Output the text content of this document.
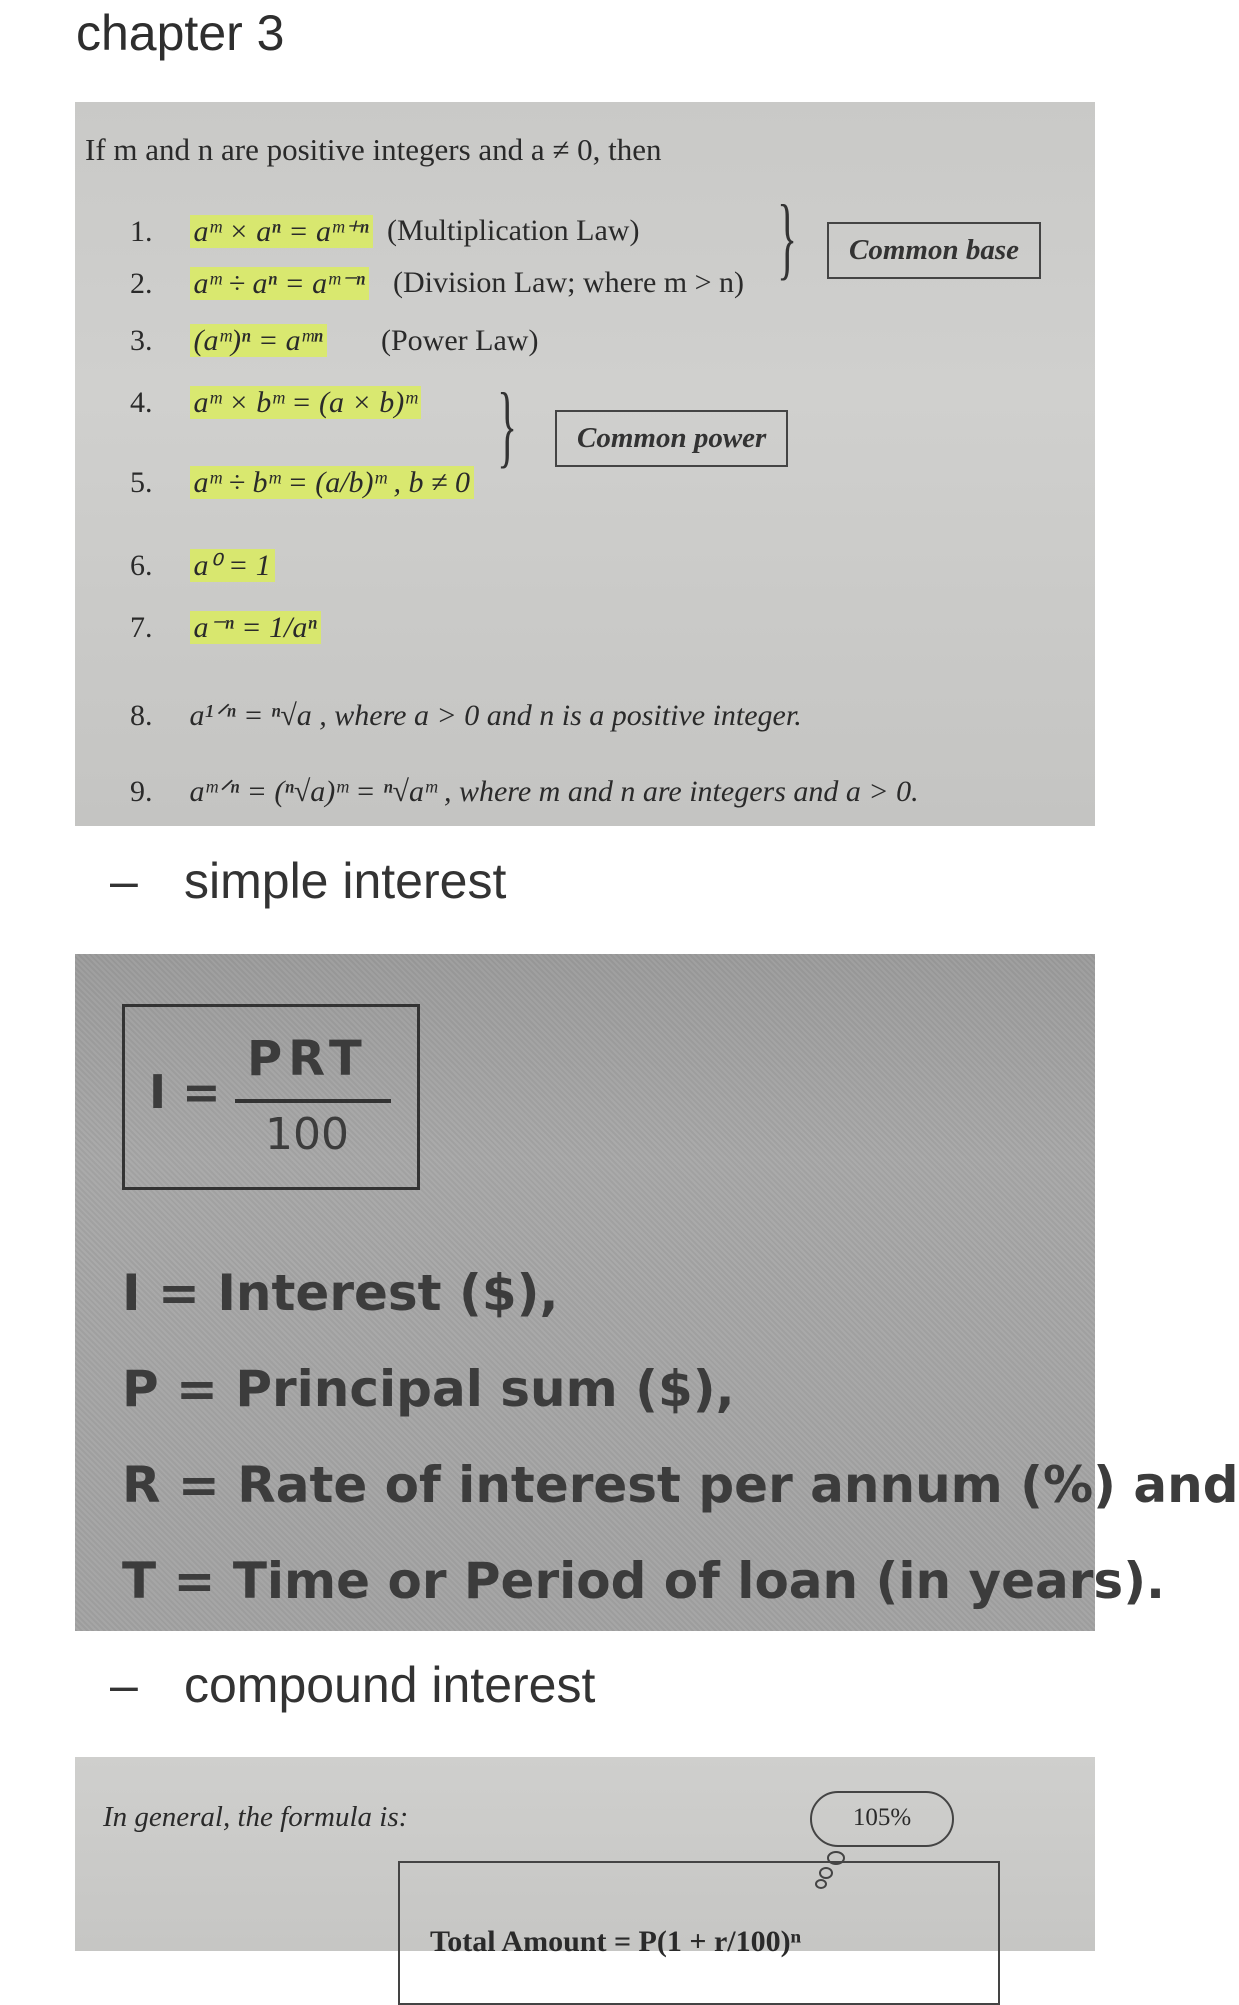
chapter 3
If m and n are positive integers and a ≠ 0, then
1. aᵐ × aⁿ = aᵐ⁺ⁿ (Multiplication Law)
2. aᵐ ÷ aⁿ = aᵐ⁻ⁿ (Division Law; where m > n) }	Common base
3. (aᵐ)ⁿ = aᵐⁿ (Power Law)
4. aᵐ × bᵐ = (a × b)ᵐ
5. aᵐ ÷ bᵐ = (a/b)ᵐ , b ≠ 0
}	Common power
6. a⁰ = 1
7. a⁻ⁿ = 1/aⁿ
8. a¹ᐟⁿ = ⁿ√a , where a > 0 and n is a positive integer.
9. aᵐᐟⁿ = (ⁿ√a)ᵐ = ⁿ√aᵐ , where m and n are integers and a > 0.
– simple interest
I =
PRT
100
I = Interest ($),
P = Principal sum ($),
R = Rate of interest per annum (%) and
T = Time or Period of loan (in years).
– compound interest
In general, the formula is:	105%
Total Amount = P(1 + r/100)ⁿ
